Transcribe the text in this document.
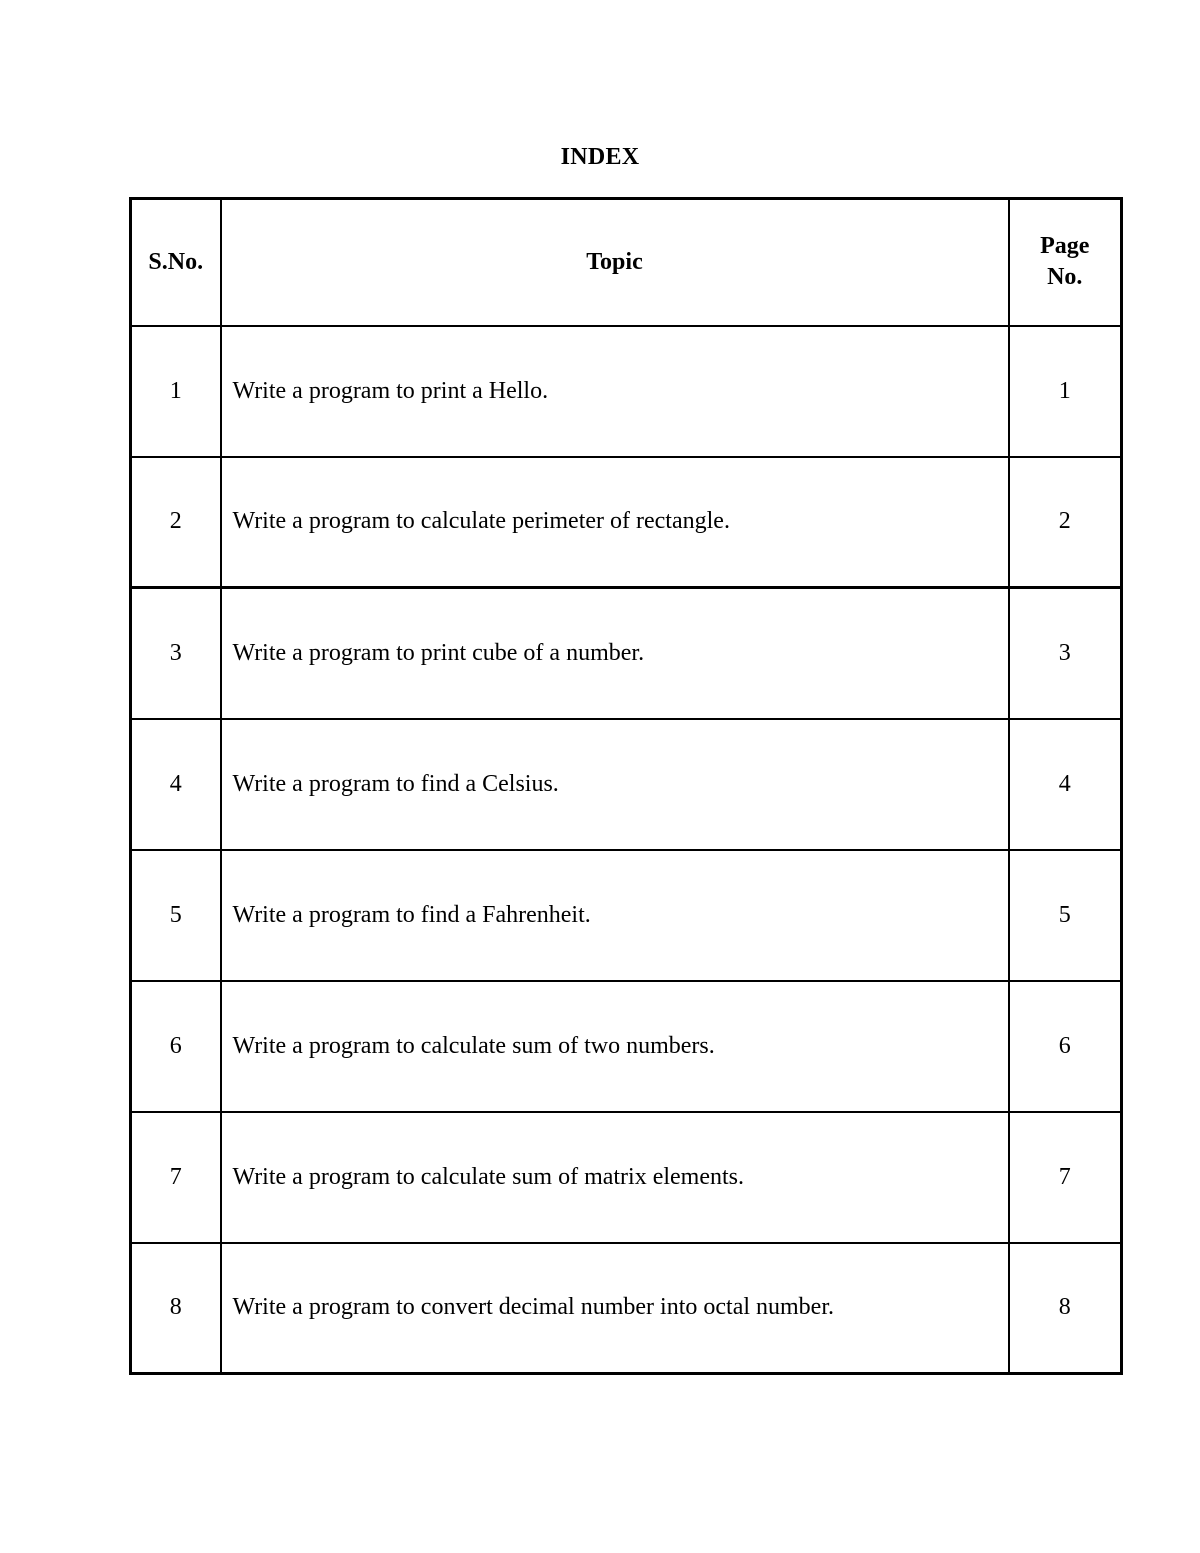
INDEX
S.No.	Topic	Page
No.
1	Write a program to print a Hello.	1
2	Write a program to calculate perimeter of rectangle.	2
3	Write a program to print cube of a number.	3
4	Write a program to find a Celsius.	4
5	Write a program to find a Fahrenheit.	5
6	Write a program to calculate sum of two numbers.	6
7	Write a program to calculate sum of matrix elements.	7
8	Write a program to convert decimal number into octal number.	8
